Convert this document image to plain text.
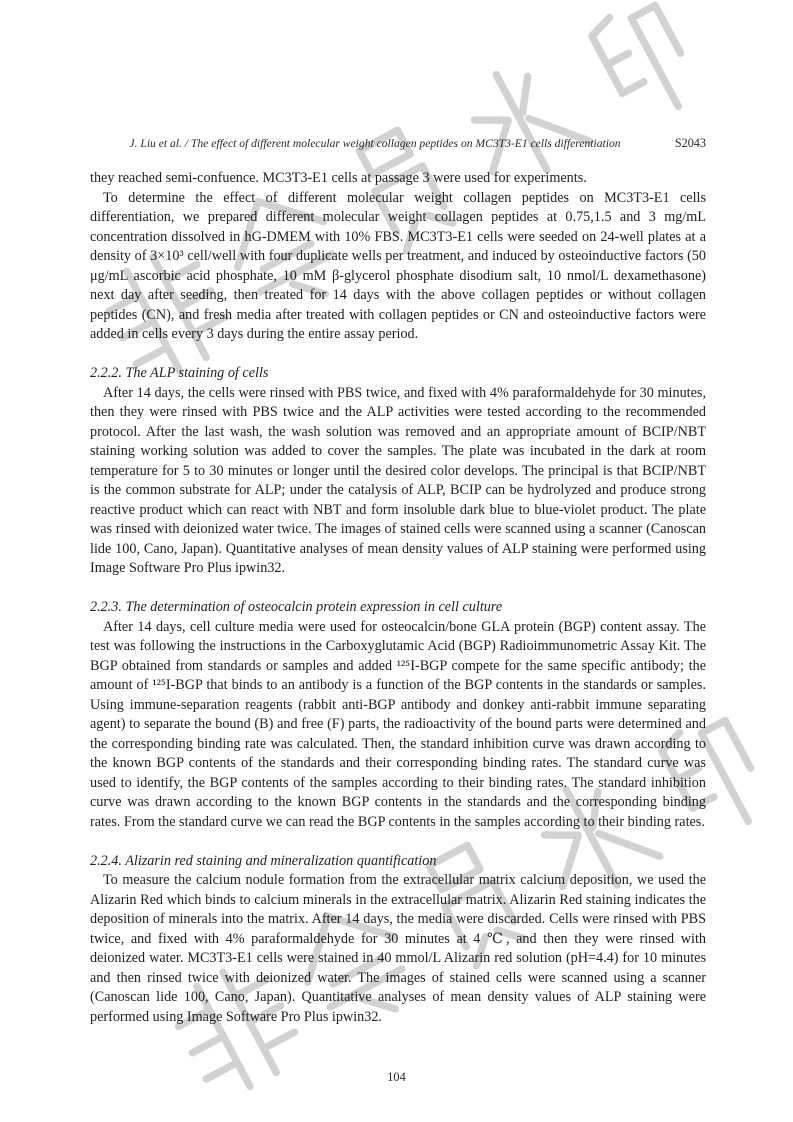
J. Liu et al. / The effect of different molecular weight collagen peptides on MC3T3-E1 cells differentiation	S2043

they reached semi-confuence. MC3T3-E1 cells at passage 3 were used for experiments.

To determine the effect of different molecular weight collagen peptides on MC3T3-E1 cells differentiation, we prepared different molecular weight collagen peptides at 0.75,1.5 and 3 mg/mL concentration dissolved in hG-DMEM with 10% FBS. MC3T3-E1 cells were seeded on 24-well plates at a density of 3×10³ cell/well with four duplicate wells per treatment, and induced by osteoinductive factors (50 μg/mL ascorbic acid phosphate, 10 mM β-glycerol phosphate disodium salt, 10 nmol/L dexamethasone) next day after seeding, then treated for 14 days with the above collagen peptides or without collagen peptides (CN), and fresh media after treated with collagen peptides or CN and osteoinductive factors were added in cells every 3 days during the entire assay period.

2.2.2. The ALP staining of cells

After 14 days, the cells were rinsed with PBS twice, and fixed with 4% paraformaldehyde for 30 minutes, then they were rinsed with PBS twice and the ALP activities were tested according to the recommended protocol. After the last wash, the wash solution was removed and an appropriate amount of BCIP/NBT staining working solution was added to cover the samples. The plate was incubated in the dark at room temperature for 5 to 30 minutes or longer until the desired color develops. The principal is that BCIP/NBT is the common substrate for ALP; under the catalysis of ALP, BCIP can be hydrolyzed and produce strong reactive product which can react with NBT and form insoluble dark blue to blue-violet product. The plate was rinsed with deionized water twice. The images of stained cells were scanned using a scanner (Canoscan lide 100, Cano, Japan). Quantitative analyses of mean density values of ALP staining were performed using Image Software Pro Plus ipwin32.

2.2.3. The determination of osteocalcin protein expression in cell culture

After 14 days, cell culture media were used for osteocalcin/bone GLA protein (BGP) content assay. The test was following the instructions in the Carboxyglutamic Acid (BGP) Radioimmunometric Assay Kit. The BGP obtained from standards or samples and added ¹²⁵I-BGP compete for the same specific antibody; the amount of ¹²⁵I-BGP that binds to an antibody is a function of the BGP contents in the standards or samples. Using immune-separation reagents (rabbit anti-BGP antibody and donkey anti-rabbit immune separating agent) to separate the bound (B) and free (F) parts, the radioactivity of the bound parts were determined and the corresponding binding rate was calculated. Then, the standard inhibition curve was drawn according to the known BGP contents of the standards and their corresponding binding rates. The standard curve was used to identify, the BGP contents of the samples according to their binding rates. The standard inhibition curve was drawn according to the known BGP contents in the standards and the corresponding binding rates. From the standard curve we can read the BGP contents in the samples according to their binding rates.

2.2.4. Alizarin red staining and mineralization quantification

To measure the calcium nodule formation from the extracellular matrix calcium deposition, we used the Alizarin Red which binds to calcium minerals in the extracellular matrix. Alizarin Red staining indicates the deposition of minerals into the matrix. After 14 days, the media were discarded. Cells were rinsed with PBS twice, and fixed with 4% paraformaldehyde for 30 minutes at 4 ℃, and then they were rinsed with deionized water. MC3T3-E1 cells were stained in 40 mmol/L Alizarin red solution (pH=4.4) for 10 minutes and then rinsed twice with deionized water. The images of stained cells were scanned using a scanner (Canoscan lide 100, Cano, Japan). Quantitative analyses of mean density values of ALP staining were performed using Image Software Pro Plus ipwin32.

104
